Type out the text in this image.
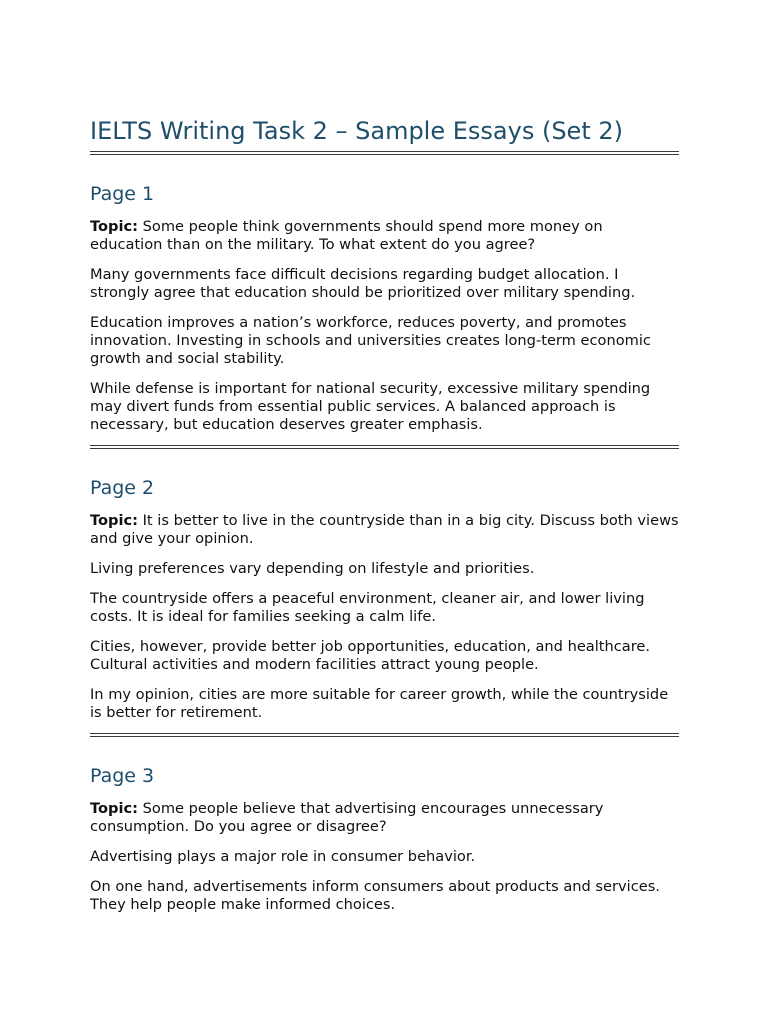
IELTS Writing Task 2 – Sample Essays (Set 2)
Page 1

Topic: Some people think governments should spend more money on education than on the military. To what extent do you agree?

Many governments face difficult decisions regarding budget allocation. I strongly agree that education should be prioritized over military spending.

Education improves a nation’s workforce, reduces poverty, and promotes innovation. Investing in schools and universities creates long-term economic growth and social stability.

While defense is important for national security, excessive military spending may divert funds from essential public services. A balanced approach is necessary, but education deserves greater emphasis.

Page 2

Topic: It is better to live in the countryside than in a big city. Discuss both views and give your opinion.

Living preferences vary depending on lifestyle and priorities.

The countryside offers a peaceful environment, cleaner air, and lower living costs. It is ideal for families seeking a calm life.

Cities, however, provide better job opportunities, education, and healthcare. Cultural activities and modern facilities attract young people.

In my opinion, cities are more suitable for career growth, while the countryside is better for retirement.

Page 3

Topic: Some people believe that advertising encourages unnecessary consumption. Do you agree or disagree?

Advertising plays a major role in consumer behavior.

On one hand, advertisements inform consumers about products and services. They help people make informed choices.
